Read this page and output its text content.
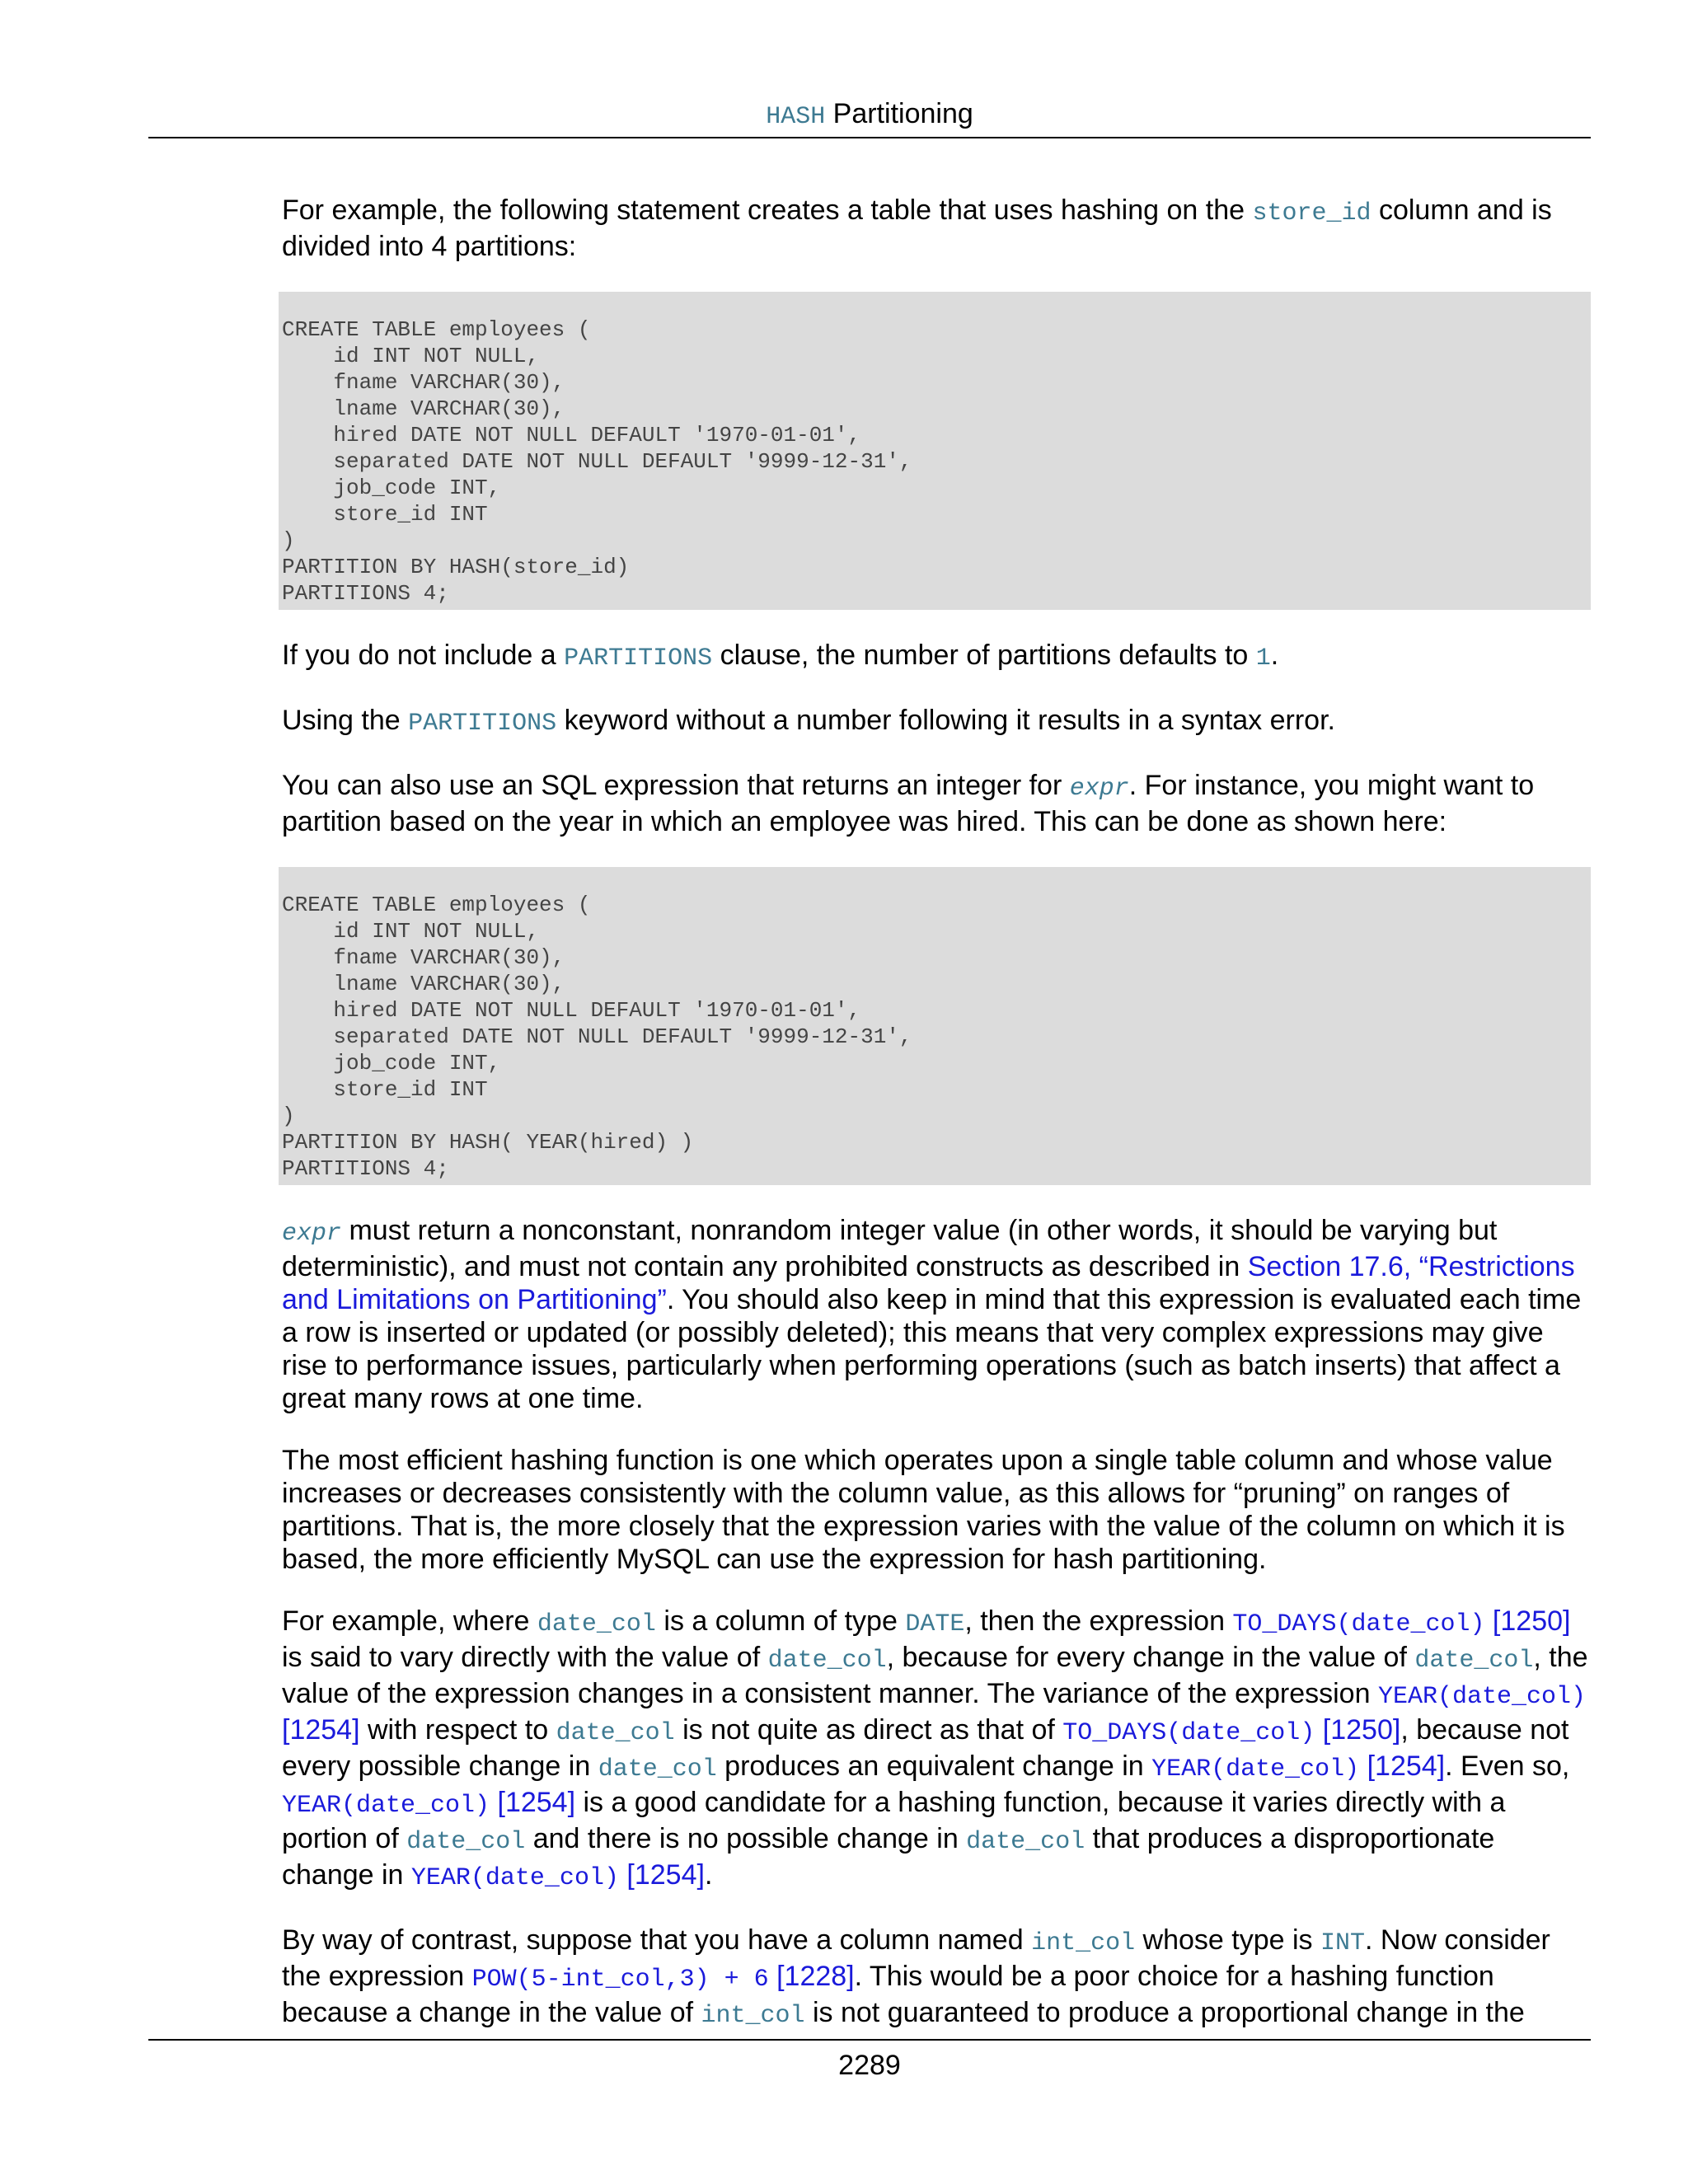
HASH Partitioning

For example, the following statement creates a table that uses hashing on the store_id column and is divided into 4 partitions:

CREATE TABLE employees (
id INT NOT NULL,
fname VARCHAR(30),
lname VARCHAR(30),
hired DATE NOT NULL DEFAULT '1970-01-01',
separated DATE NOT NULL DEFAULT '9999-12-31',
job_code INT,
store_id INT
)
PARTITION BY HASH(store_id)
PARTITIONS 4;

If you do not include a PARTITIONS clause, the number of partitions defaults to 1.

Using the PARTITIONS keyword without a number following it results in a syntax error.

You can also use an SQL expression that returns an integer for expr. For instance, you might want to partition based on the year in which an employee was hired. This can be done as shown here:

CREATE TABLE employees (
id INT NOT NULL,
fname VARCHAR(30),
lname VARCHAR(30),
hired DATE NOT NULL DEFAULT '1970-01-01',
separated DATE NOT NULL DEFAULT '9999-12-31',
job_code INT,
store_id INT
)
PARTITION BY HASH( YEAR(hired) )
PARTITIONS 4;

expr must return a nonconstant, nonrandom integer value (in other words, it should be varying but deterministic), and must not contain any prohibited constructs as described in Section 17.6, “Restrictions and Limitations on Partitioning”. You should also keep in mind that this expression is evaluated each time a row is inserted or updated (or possibly deleted); this means that very complex expressions may give rise to performance issues, particularly when performing operations (such as batch inserts) that affect a great many rows at one time.

The most efficient hashing function is one which operates upon a single table column and whose value increases or decreases consistently with the column value, as this allows for “pruning” on ranges of partitions. That is, the more closely that the expression varies with the value of the column on which it is based, the more efficiently MySQL can use the expression for hash partitioning.

For example, where date_col is a column of type DATE, then the expression TO_DAYS(date_col) [1250] is said to vary directly with the value of date_col, because for every change in the value of date_col, the value of the expression changes in a consistent manner. The variance of the expression YEAR(date_col) [1254] with respect to date_col is not quite as direct as that of TO_DAYS(date_col) [1250], because not every possible change in date_col produces an equivalent change in YEAR(date_col) [1254]. Even so, YEAR(date_col) [1254] is a good candidate for a hashing function, because it varies directly with a portion of date_col and there is no possible change in date_col that produces a disproportionate change in YEAR(date_col) [1254].

By way of contrast, suppose that you have a column named int_col whose type is INT. Now consider the expression POW(5-int_col,3) + 6 [1228]. This would be a poor choice for a hashing function because a change in the value of int_col is not guaranteed to produce a proportional change in the

2289
